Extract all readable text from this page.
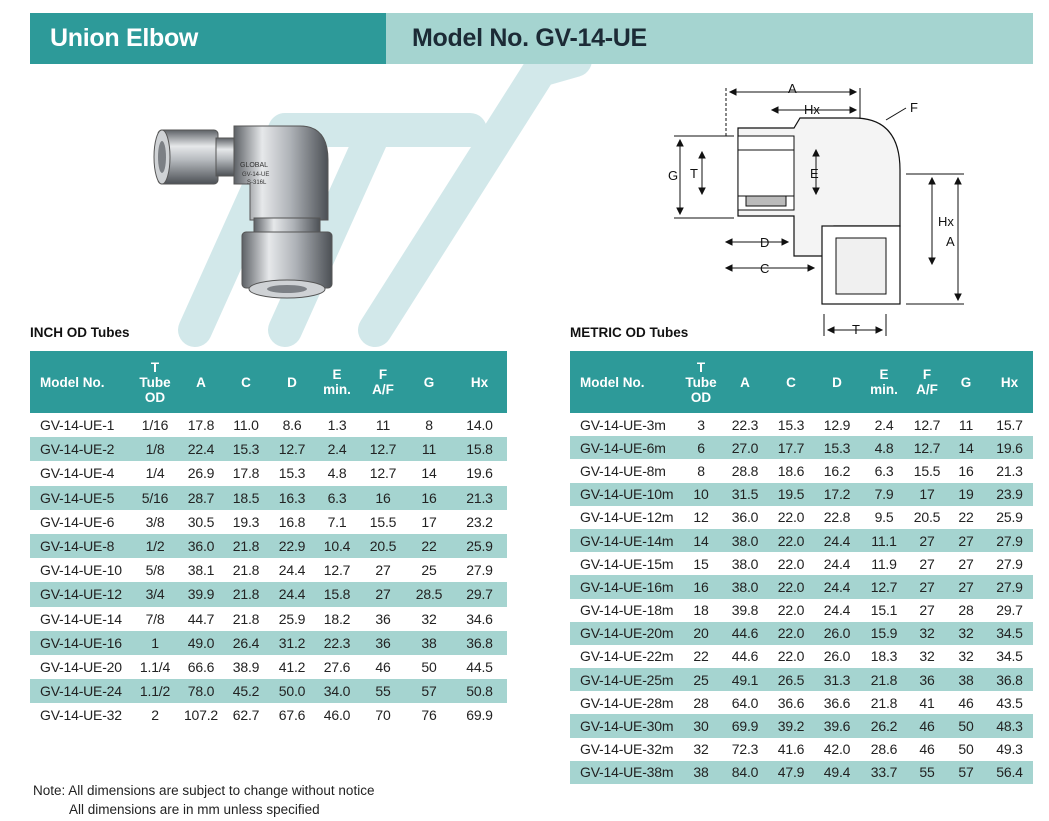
Union Elbow	Model No. GV-14-UE
GLOBAL
GV-14-UE
S-316L
A
Hx	F
G T	E
D
C
Hx
A
T
INCH OD Tubes	METRIC OD Tubes
Model No.	T
Tube
OD	A	C	D	E
min.	F
A/F	G	Hx
GV-14-UE-1	1/16	17.8	11.0	8.6	1.3	11	8	14.0
GV-14-UE-2	1/8	22.4	15.3	12.7	2.4	12.7	11	15.8
GV-14-UE-4	1/4	26.9	17.8	15.3	4.8	12.7	14	19.6
GV-14-UE-5	5/16	28.7	18.5	16.3	6.3	16	16	21.3
GV-14-UE-6	3/8	30.5	19.3	16.8	7.1	15.5	17	23.2
GV-14-UE-8	1/2	36.0	21.8	22.9	10.4	20.5	22	25.9
GV-14-UE-10	5/8	38.1	21.8	24.4	12.7	27	25	27.9
GV-14-UE-12	3/4	39.9	21.8	24.4	15.8	27	28.5	29.7
GV-14-UE-14	7/8	44.7	21.8	25.9	18.2	36	32	34.6
GV-14-UE-16	1	49.0	26.4	31.2	22.3	36	38	36.8
GV-14-UE-20	1.1/4	66.6	38.9	41.2	27.6	46	50	44.5
GV-14-UE-24	1.1/2	78.0	45.2	50.0	34.0	55	57	50.8
GV-14-UE-32	2	107.2	62.7	67.6	46.0	70	76	69.9
Model No.	T
Tube
OD	A	C	D	E
min.	F
A/F	G	Hx
GV-14-UE-3m	3	22.3	15.3	12.9	2.4	12.7	11	15.7
GV-14-UE-6m	6	27.0	17.7	15.3	4.8	12.7	14	19.6
GV-14-UE-8m	8	28.8	18.6	16.2	6.3	15.5	16	21.3
GV-14-UE-10m	10	31.5	19.5	17.2	7.9	17	19	23.9
GV-14-UE-12m	12	36.0	22.0	22.8	9.5	20.5	22	25.9
GV-14-UE-14m	14	38.0	22.0	24.4	11.1	27	27	27.9
GV-14-UE-15m	15	38.0	22.0	24.4	11.9	27	27	27.9
GV-14-UE-16m	16	38.0	22.0	24.4	12.7	27	27	27.9
GV-14-UE-18m	18	39.8	22.0	24.4	15.1	27	28	29.7
GV-14-UE-20m	20	44.6	22.0	26.0	15.9	32	32	34.5
GV-14-UE-22m	22	44.6	22.0	26.0	18.3	32	32	34.5
GV-14-UE-25m	25	49.1	26.5	31.3	21.8	36	38	36.8
GV-14-UE-28m	28	64.0	36.6	36.6	21.8	41	46	43.5
GV-14-UE-30m	30	69.9	39.2	39.6	26.2	46	50	48.3
GV-14-UE-32m	32	72.3	41.6	42.0	28.6	46	50	49.3
GV-14-UE-38m	38	84.0	47.9	49.4	33.7	55	57	56.4
Note: All dimensions are subject to change without notice
All dimensions are in mm unless specified
